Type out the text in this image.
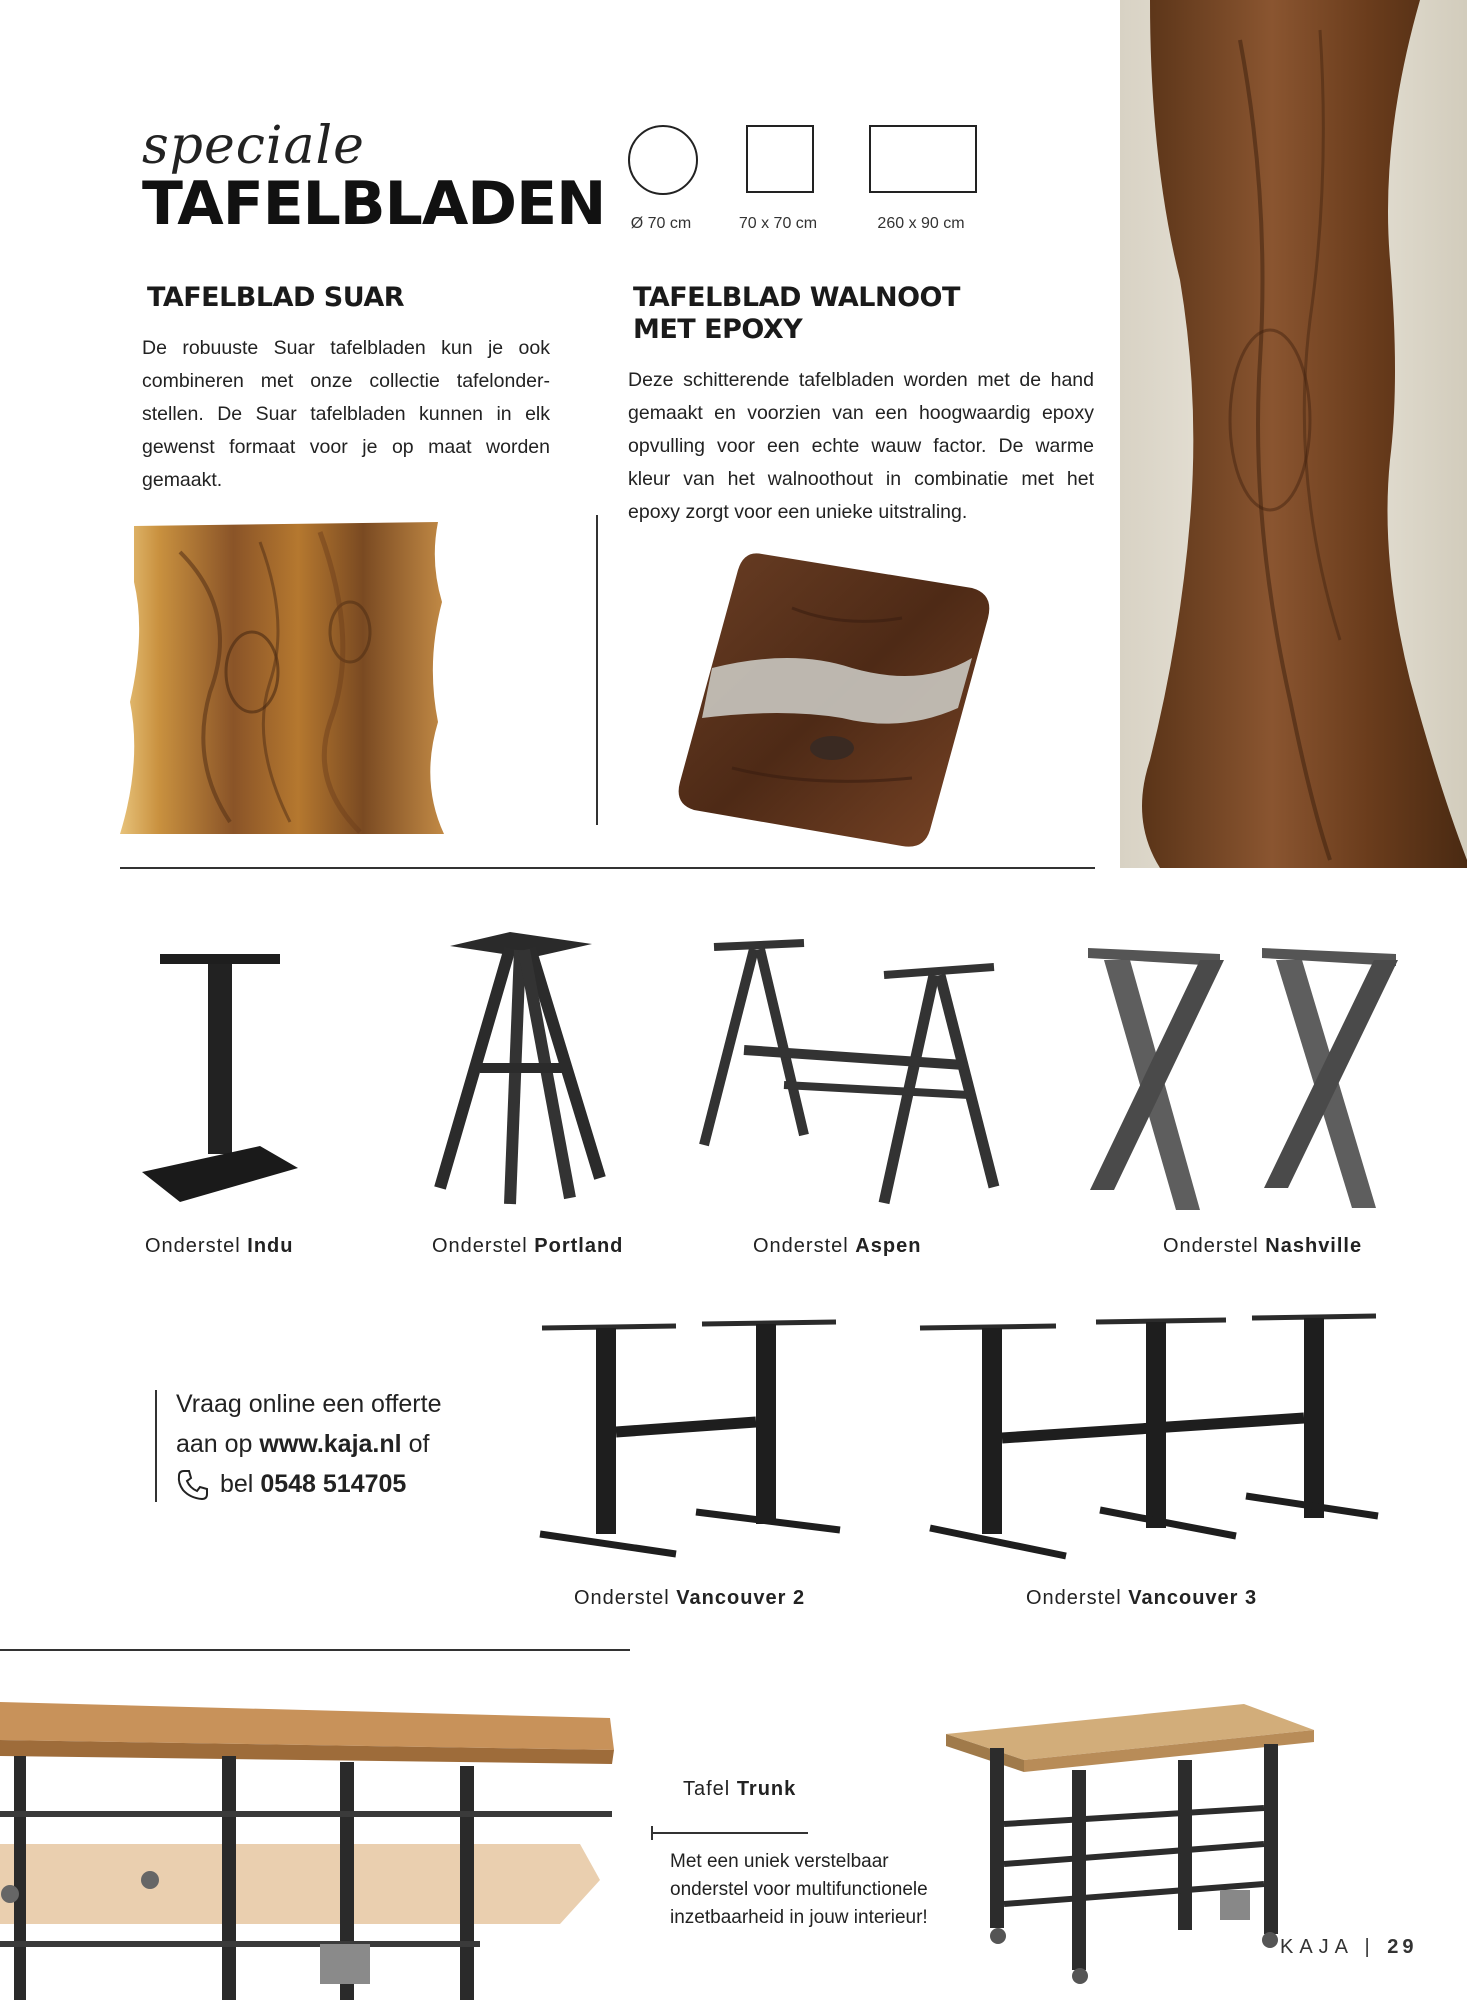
speciale
TAFELBLADEN	Ø 70 cm	70 x 70 cm	260 x 90 cm
TAFELBLAD SUAR

De robuuste Suar tafelbladen kun je ook combineren met onze collectie tafelonder-stellen. De Suar tafelbladen kunnen in elk gewenst formaat voor je op maat worden gemaakt.

TAFELBLAD WALNOOT
MET EPOXY

Deze schitterende tafelbladen worden met de hand gemaakt en voorzien van een hoogwaardig epoxy opvulling voor een echte wauw factor. De warme kleur van het walnoothout in combinatie met het epoxy zorgt voor een unieke uitstraling.

Onderstel Indu	Onderstel Portland	Onderstel Aspen	Onderstel Nashville
Vraag online een offerte
aan op www.kaja.nl of
bel 0548 514705
Onderstel Vancouver 2	Onderstel Vancouver 3
Tafel Trunk

Met een uniek verstelbaar
onderstel voor multifunctionele
inzetbaarheid in jouw interieur!

KAJA | 29
